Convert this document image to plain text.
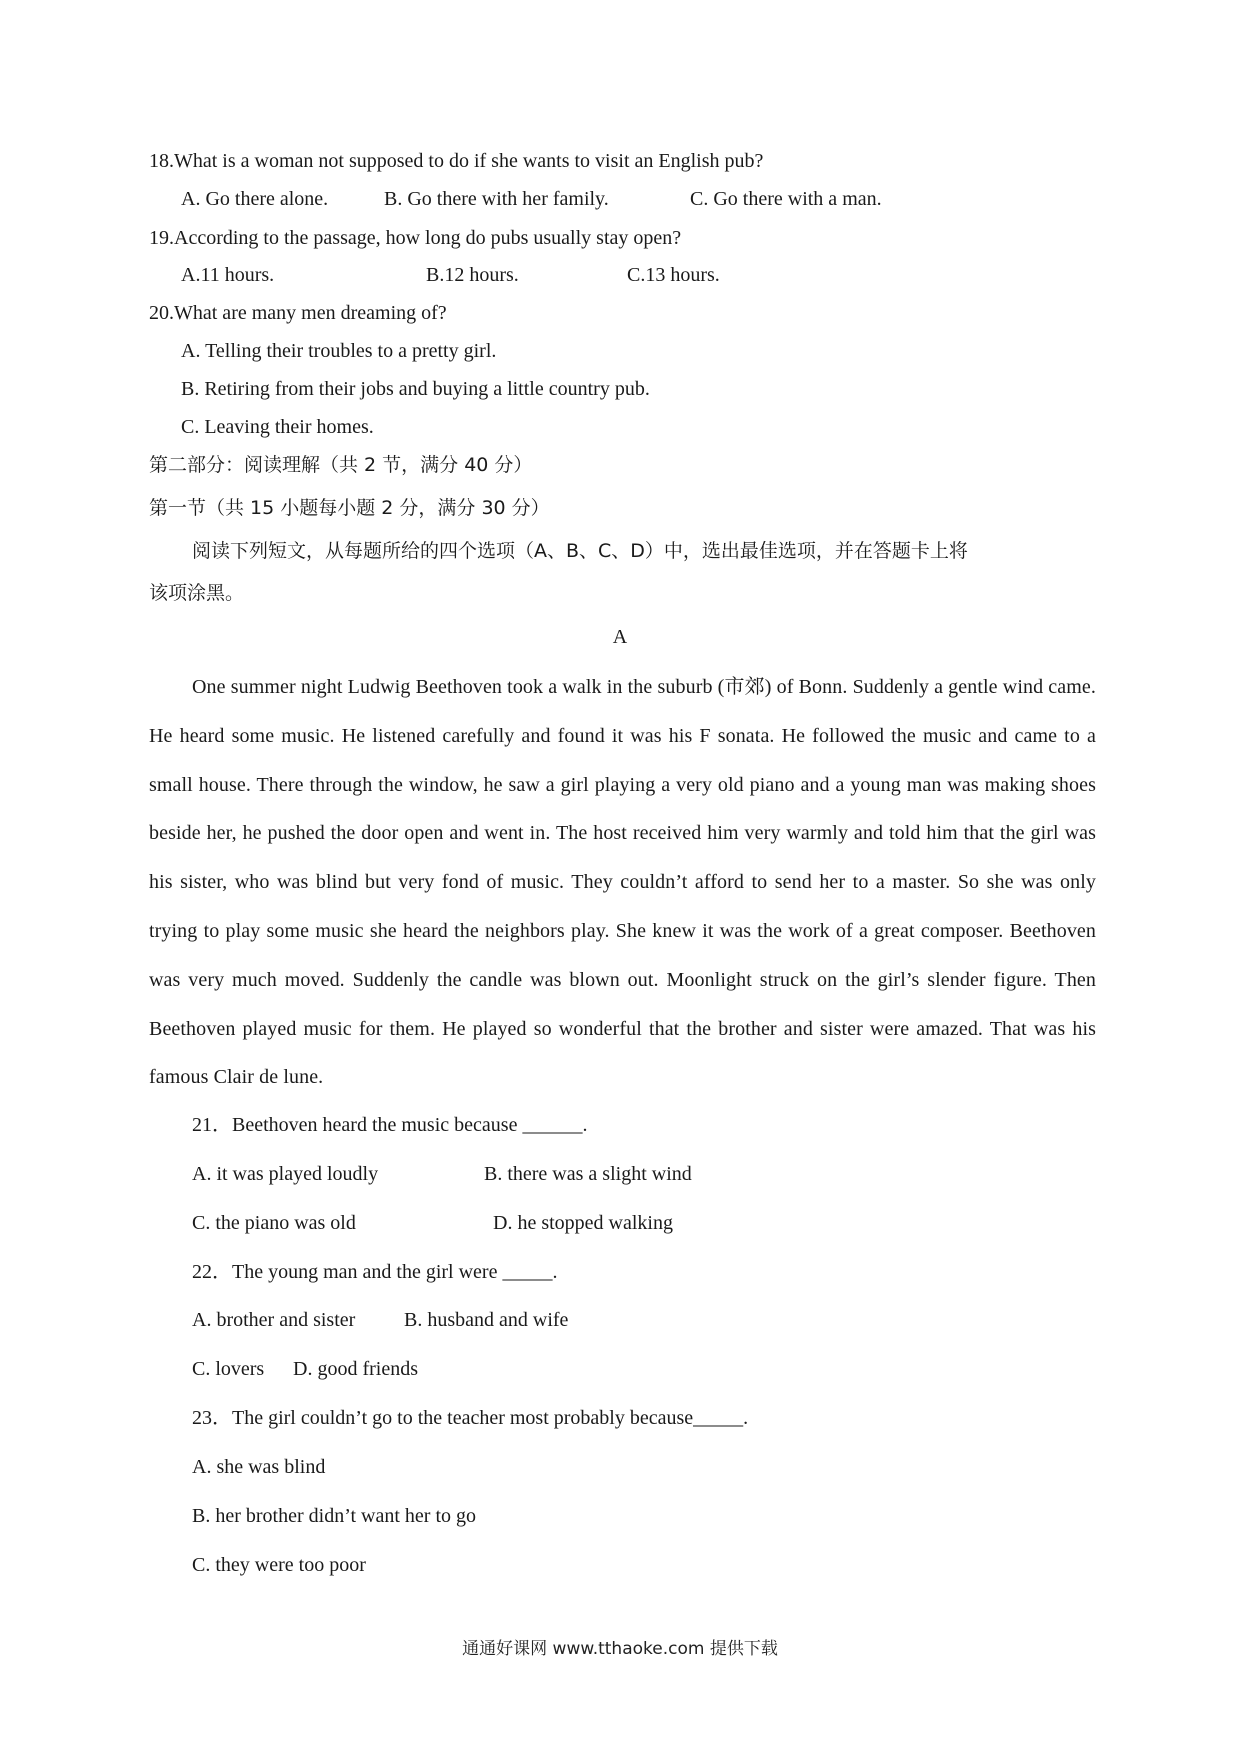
18.What is a woman not supposed to do if she wants to visit an English pub?
A. Go there alone.	B. Go there with her family.	C. Go there with a man.
19.According to the passage, how long do pubs usually stay open?
A.11 hours.	B.12 hours.	C.13 hours.
20.What are many men dreaming of?
A. Telling their troubles to a pretty girl.
B. Retiring from their jobs and buying a little country pub.
C. Leaving their homes.
第二部分：阅读理解（共 2 节，满分 40 分）
第一节（共 15 小题每小题 2 分，满分 30 分）
阅读下列短文，从每题所给的四个选项（A、B、C、D）中，选出最佳选项，并在答题卡上将
该项涂黑。
A
One summer night Ludwig Beethoven took a walk in the suburb (市郊) of Bonn. Suddenly a gentle wind came. He heard some music. He listened carefully and found it was his F sonata. He followed the music and came to a small house. There through the window, he saw a girl playing a very old piano and a young man was making shoes beside her, he pushed the door open and went in. The host received him very warmly and told him that the girl was his sister, who was blind but very fond of music. They couldn’t afford to send her to a master. So she was only trying to play some music she heard the neighbors play. She knew it was the work of a great composer. Beethoven was very much moved. Suddenly the candle was blown out. Moonlight struck on the girl’s slender figure. Then Beethoven played music for them. He played so wonderful that the brother and sister were amazed. That was his famous Clair de lune.
21．Beethoven heard the music because ______.
A. it was played loudly	B. there was a slight wind
C. the piano was old	D. he stopped walking
22．The young man and the girl were _____.
A. brother and sister B. husband and wife
C. lovers D. good friends
23．The girl couldn’t go to the teacher most probably because_____.
A. she was blind
B. her brother didn’t want her to go
C. they were too poor
通通好课网 www.tthaoke.com 提供下载
